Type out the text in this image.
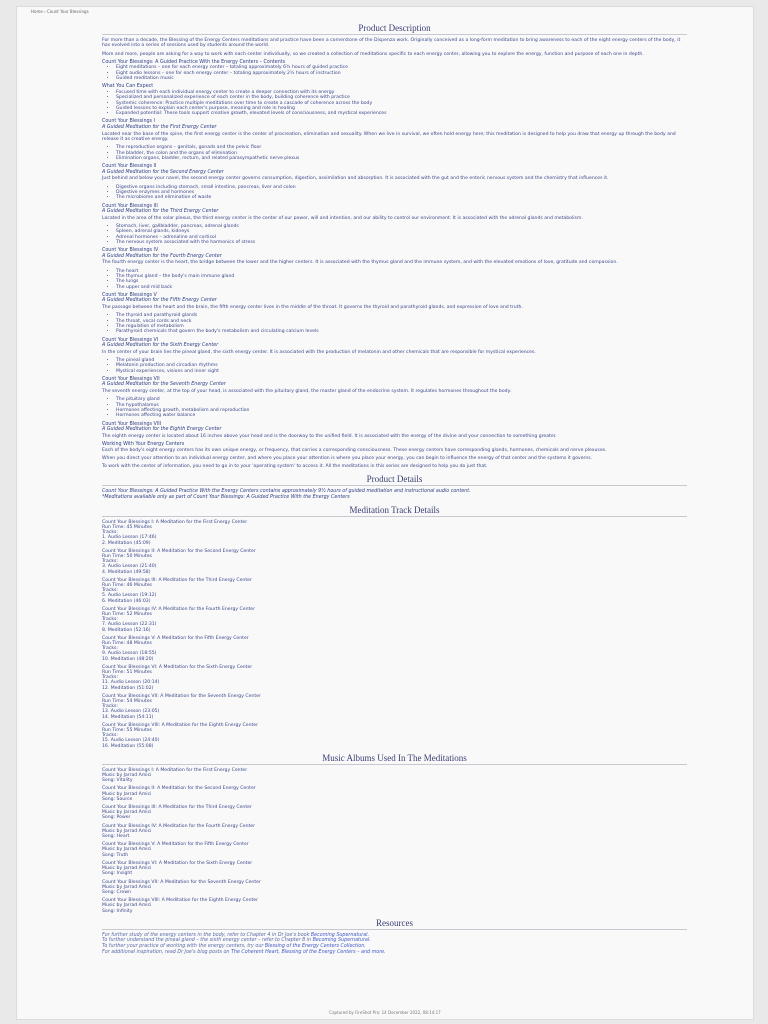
Home › Count Your Blessings
Product Description

For more than a decade, the Blessing of the Energy Centers meditations and practice have been a cornerstone of the Dispenza work. Originally conceived as a long-form meditation to bring awareness to each of the eight energy centers of the body, it has evolved into a series of sessions used by students around the world.

More and more, people are asking for a way to work with each center individually, so we created a collection of meditations specific to each energy center, allowing you to explore the energy, function and purpose of each one in depth.

Count Your Blessings: A Guided Practice With the Energy Centers – Contents

• Eight meditations – one for each energy center – totaling approximately 6¾ hours of guided practice
• Eight audio lessons – one for each energy center – totaling approximately 2¾ hours of instruction
• Guided meditation music

What You Can Expect

• Focused time with each individual energy center to create a deeper connection with its energy
• Specialized and personalized experience of each center in the body, building coherence with practice
• Systemic coherence: Practice multiple meditations over time to create a cascade of coherence across the body
• Guided lessons to explain each center's purpose, meaning and role in healing
• Expanded potential: These tools support creative growth, elevated levels of consciousness, and mystical experiences

Count Your Blessings I

A Guided Meditation for the First Energy Center

Located near the base of the spine, the first energy center is the center of procreation, elimination and sexuality. When we live in survival, we often hold energy here; this meditation is designed to help you draw that energy up through the body and release it as creative energy.

• The reproductive organs – genitals, gonads and the pelvic floor
• The bladder, the colon and the organs of elimination
• Elimination organs, bladder, rectum, and related parasympathetic nerve plexus

Count Your Blessings II

A Guided Meditation for the Second Energy Center

Just behind and below your navel, the second energy center governs consumption, digestion, assimilation and absorption. It is associated with the gut and the enteric nervous system and the chemistry that influences it.

• Digestive organs including stomach, small intestine, pancreas, liver and colon
• Digestive enzymes and hormones
• The microbiome and elimination of waste

Count Your Blessings III

A Guided Meditation for the Third Energy Center

Located in the area of the solar plexus, the third energy center is the center of our power, will and intention, and our ability to control our environment. It is associated with the adrenal glands and metabolism.

• Stomach, liver, gallbladder, pancreas, adrenal glands
• Spleen, adrenal glands, kidneys
• Adrenal hormones – adrenaline and cortisol
• The nervous system associated with the harmonics of stress

Count Your Blessings IV

A Guided Meditation for the Fourth Energy Center

The fourth energy center is the heart, the bridge between the lower and the higher centers. It is associated with the thymus gland and the immune system, and with the elevated emotions of love, gratitude and compassion.

• The heart
• The thymus gland – the body's main immune gland
• The lungs
• The upper and mid back

Count Your Blessings V

A Guided Meditation for the Fifth Energy Center

The passage between the heart and the brain, the fifth energy center lives in the middle of the throat. It governs the thyroid and parathyroid glands, and expression of love and truth.

• The thyroid and parathyroid glands
• The throat, vocal cords and neck
• The regulation of metabolism
• Parathyroid chemicals that govern the body's metabolism and circulating calcium levels

Count Your Blessings VI

A Guided Meditation for the Sixth Energy Center

In the center of your brain lies the pineal gland, the sixth energy center. It is associated with the production of melatonin and other chemicals that are responsible for mystical experiences.

• The pineal gland
• Melatonin production and circadian rhythms
• Mystical experiences, visions and inner sight

Count Your Blessings VII

A Guided Meditation for the Seventh Energy Center

The seventh energy center, at the top of your head, is associated with the pituitary gland, the master gland of the endocrine system. It regulates hormones throughout the body.

• The pituitary gland
• The hypothalamus
• Hormones affecting growth, metabolism and reproduction
• Hormones affecting water balance

Count Your Blessings VIII

A Guided Meditation for the Eighth Energy Center

The eighth energy center is located about 16 inches above your head and is the doorway to the unified field. It is associated with the energy of the divine and your connection to something greater.

Working With Your Energy Centers

Each of the body's eight energy centers has its own unique energy, or frequency, that carries a corresponding consciousness. These energy centers have corresponding glands, hormones, chemicals and nerve plexuses.

When you direct your attention to an individual energy center, and where you place your attention is where you place your energy, you can begin to influence the energy of that center and the systems it governs.

To work with the center of information, you need to go in to your 'operating system' to access it. All the meditations in this series are designed to help you do just that.

Product Details

Count Your Blessings: A Guided Practice With the Energy Centers contains approximately 9½ hours of guided meditation and instructional audio content.

*Meditations available only as part of Count Your Blessings: A Guided Practice With the Energy Centers

Meditation Track Details
Count Your Blessings I: A Meditation for the First Energy Center
Run Time: 45 Minutes
Tracks:
1. Audio Lesson (17:46)
2. Meditation (45:09)
Count Your Blessings II: A Meditation for the Second Energy Center
Run Time: 50 Minutes
Tracks:
3. Audio Lesson (21:40)
4. Meditation (49:58)
Count Your Blessings III: A Meditation for the Third Energy Center
Run Time: 46 Minutes
Tracks:
5. Audio Lesson (19:12)
6. Meditation (46:03)
Count Your Blessings IV: A Meditation for the Fourth Energy Center
Run Time: 52 Minutes
Tracks:
7. Audio Lesson (22:31)
8. Meditation (52:16)
Count Your Blessings V: A Meditation for the Fifth Energy Center
Run Time: 48 Minutes
Tracks:
9. Audio Lesson (18:55)
10. Meditation (48:20)
Count Your Blessings VI: A Meditation for the Sixth Energy Center
Run Time: 51 Minutes
Tracks:
11. Audio Lesson (20:14)
12. Meditation (51:02)
Count Your Blessings VII: A Meditation for the Seventh Energy Center
Run Time: 54 Minutes
Tracks:
13. Audio Lesson (23:05)
14. Meditation (54:11)
Count Your Blessings VIII: A Meditation for the Eighth Energy Center
Run Time: 55 Minutes
Tracks:
15. Audio Lesson (24:40)
16. Meditation (55:08)
Music Albums Used In The Meditations
Count Your Blessings I: A Meditation for the First Energy Center
Music by Jarrad Amici
Song: Vitality
Count Your Blessings II: A Meditation for the Second Energy Center
Music by Jarrad Amici
Song: Source
Count Your Blessings III: A Meditation for the Third Energy Center
Music by Jarrad Amici
Song: Power
Count Your Blessings IV: A Meditation for the Fourth Energy Center
Music by Jarrad Amici
Song: Heart
Count Your Blessings V: A Meditation for the Fifth Energy Center
Music by Jarrad Amici
Song: Truth
Count Your Blessings VI: A Meditation for the Sixth Energy Center
Music by Jarrad Amici
Song: Insight
Count Your Blessings VII: A Meditation for the Seventh Energy Center
Music by Jarrad Amici
Song: Crown
Count Your Blessings VIII: A Meditation for the Eighth Energy Center
Music by Jarrad Amici
Song: Infinity
Resources

For further study of the energy centers in the body, refer to Chapter 4 in Dr Joe's book Becoming Supernatural.

To further understand the pineal gland – the sixth energy center – refer to Chapter 8 in Becoming Supernatural.

To further your practice of working with the energy centers, try our Blessing of the Energy Centers Collection.

For additional inspiration, read Dr Joe's blog posts on The Coherent Heart, Blessing of the Energy Centers – and more.

Captured by FireShot Pro: 14 December 2022, 08:14:17
